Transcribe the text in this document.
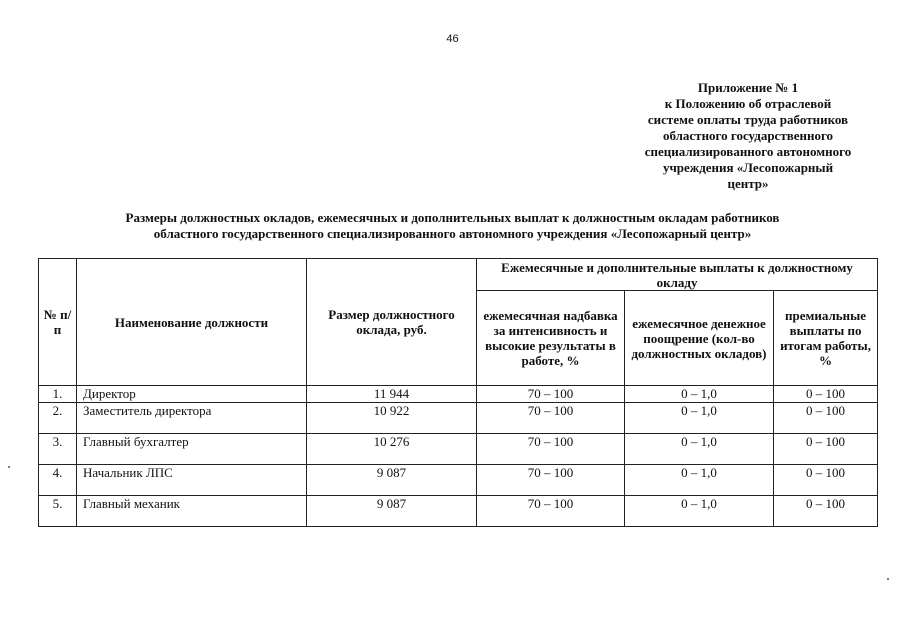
46
Приложение № 1
к Положению об отраслевой
системе оплаты труда работников
областного государственного
специализированного автономного
учреждения «Лесопожарный
центр»
Размеры должностных окладов, ежемесячных и дополнительных выплат к должностным окладам работников
областного государственного специализированного автономного учреждения «Лесопожарный центр»
№ п/п	Наименование должности	Размер должностного оклада, руб.	Ежемесячные и дополнительные выплаты к должностному окладу		
			ежемесячная надбавка за интенсивность и высокие результаты в работе, %	ежемесячное денежное поощрение (кол-во должностных окладов)	премиальные выплаты по итогам работы, %
1.	Директор	11 944	70 – 100	0 – 1,0	0 – 100
2.	Заместитель директора	10 922	70 – 100	0 – 1,0	0 – 100
3.	Главный бухгалтер	10 276	70 – 100	0 – 1,0	0 – 100
4.	Начальник ЛПС	9 087	70 – 100	0 – 1,0	0 – 100
5.	Главный механик	9 087	70 – 100	0 – 1,0	0 – 100
